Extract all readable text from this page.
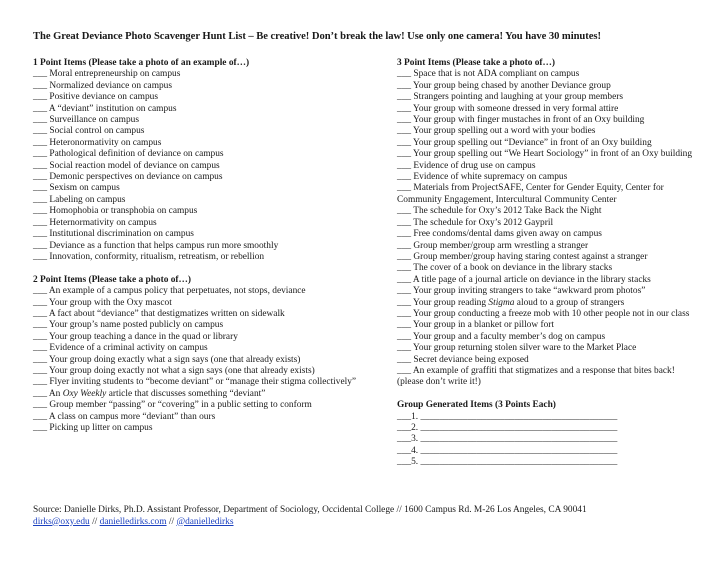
The Great Deviance Photo Scavenger Hunt List – Be creative! Don’t break the law! Use only one camera! You have 30 minutes!
1 Point Items (Please take a photo of an example of…)
___ Moral entrepreneurship on campus
___ Normalized deviance on campus
___ Positive deviance on campus
___ A “deviant” institution on campus
___ Surveillance on campus
___ Social control on campus
___ Heteronormativity on campus
___ Pathological definition of deviance on campus
___ Social reaction model of deviance on campus
___ Demonic perspectives on deviance on campus
___ Sexism on campus
___ Labeling on campus
___ Homophobia or transphobia on campus
___ Heternormativity on campus
___ Institutional discrimination on campus
___ Deviance as a function that helps campus run more smoothly
___ Innovation, conformity, ritualism, retreatism, or rebellion
2 Point Items (Please take a photo of…)
___ An example of a campus policy that perpetuates, not stops, deviance
___ Your group with the Oxy mascot
___ A fact about “deviance” that destigmatizes written on sidewalk
___ Your group’s name posted publicly on campus
___ Your group teaching a dance in the quad or library
___ Evidence of a criminal activity on campus
___ Your group doing exactly what a sign says (one that already exists)
___ Your group doing exactly not what a sign says (one that already exists)
___ Flyer inviting students to “become deviant” or “manage their stigma collectively”
___ An Oxy Weekly article that discusses something “deviant”
___ Group member “passing” or “covering” in a public setting to conform
___ A class on campus more “deviant” than ours
___ Picking up litter on campus
3 Point Items (Please take a photo of…)
___ Space that is not ADA compliant on campus
___ Your group being chased by another Deviance group
___ Strangers pointing and laughing at your group members
___ Your group with someone dressed in very formal attire
___ Your group with finger mustaches in front of an Oxy building
___ Your group spelling out a word with your bodies
___ Your group spelling out “Deviance” in front of an Oxy building
___ Your group spelling out “We Heart Sociology” in front of an Oxy building
___ Evidence of drug use on campus
___ Evidence of white supremacy on campus
___ Materials from ProjectSAFE, Center for Gender Equity, Center for Community Engagement, Intercultural Community Center
___ The schedule for Oxy’s 2012 Take Back the Night
___ The schedule for Oxy’s 2012 Gaypril
___ Free condoms/dental dams given away on campus
___ Group member/group arm wrestling a stranger
___ Group member/group having staring contest against a stranger
___ The cover of a book on deviance in the library stacks
___ A title page of a journal article on deviance in the library stacks
___ Your group inviting strangers to take “awkward prom photos”
___ Your group reading Stigma aloud to a group of strangers
___ Your group conducting a freeze mob with 10 other people not in our class
___ Your group in a blanket or pillow fort
___ Your group and a faculty member’s dog on campus
___ Your group returning stolen silver ware to the Market Place
___ Secret deviance being exposed
___ An example of graffiti that stigmatizes and a response that bites back! (please don’t write it!)
Group Generated Items (3 Points Each)
___1. __________________________________________
___2. __________________________________________
___3. __________________________________________
___4. __________________________________________
___5. __________________________________________
Source: Danielle Dirks, Ph.D. Assistant Professor, Department of Sociology, Occidental College // 1600 Campus Rd. M-26 Los Angeles, CA 90041
dirks@oxy.edu // danielledirks.com // @danielledirks
